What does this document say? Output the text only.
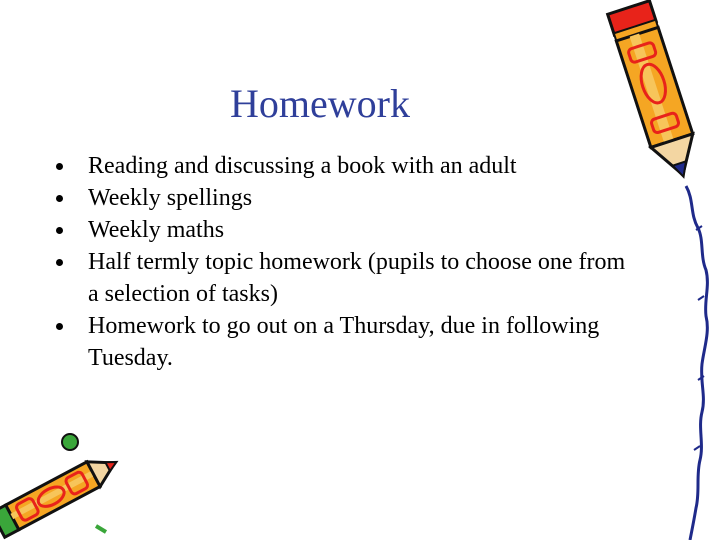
Homework
Reading and discussing a book with an adult
Weekly spellings
Weekly maths
Half termly topic homework (pupils to choose one from a selection of tasks)
Homework to go out on a Thursday, due in following Tuesday.
